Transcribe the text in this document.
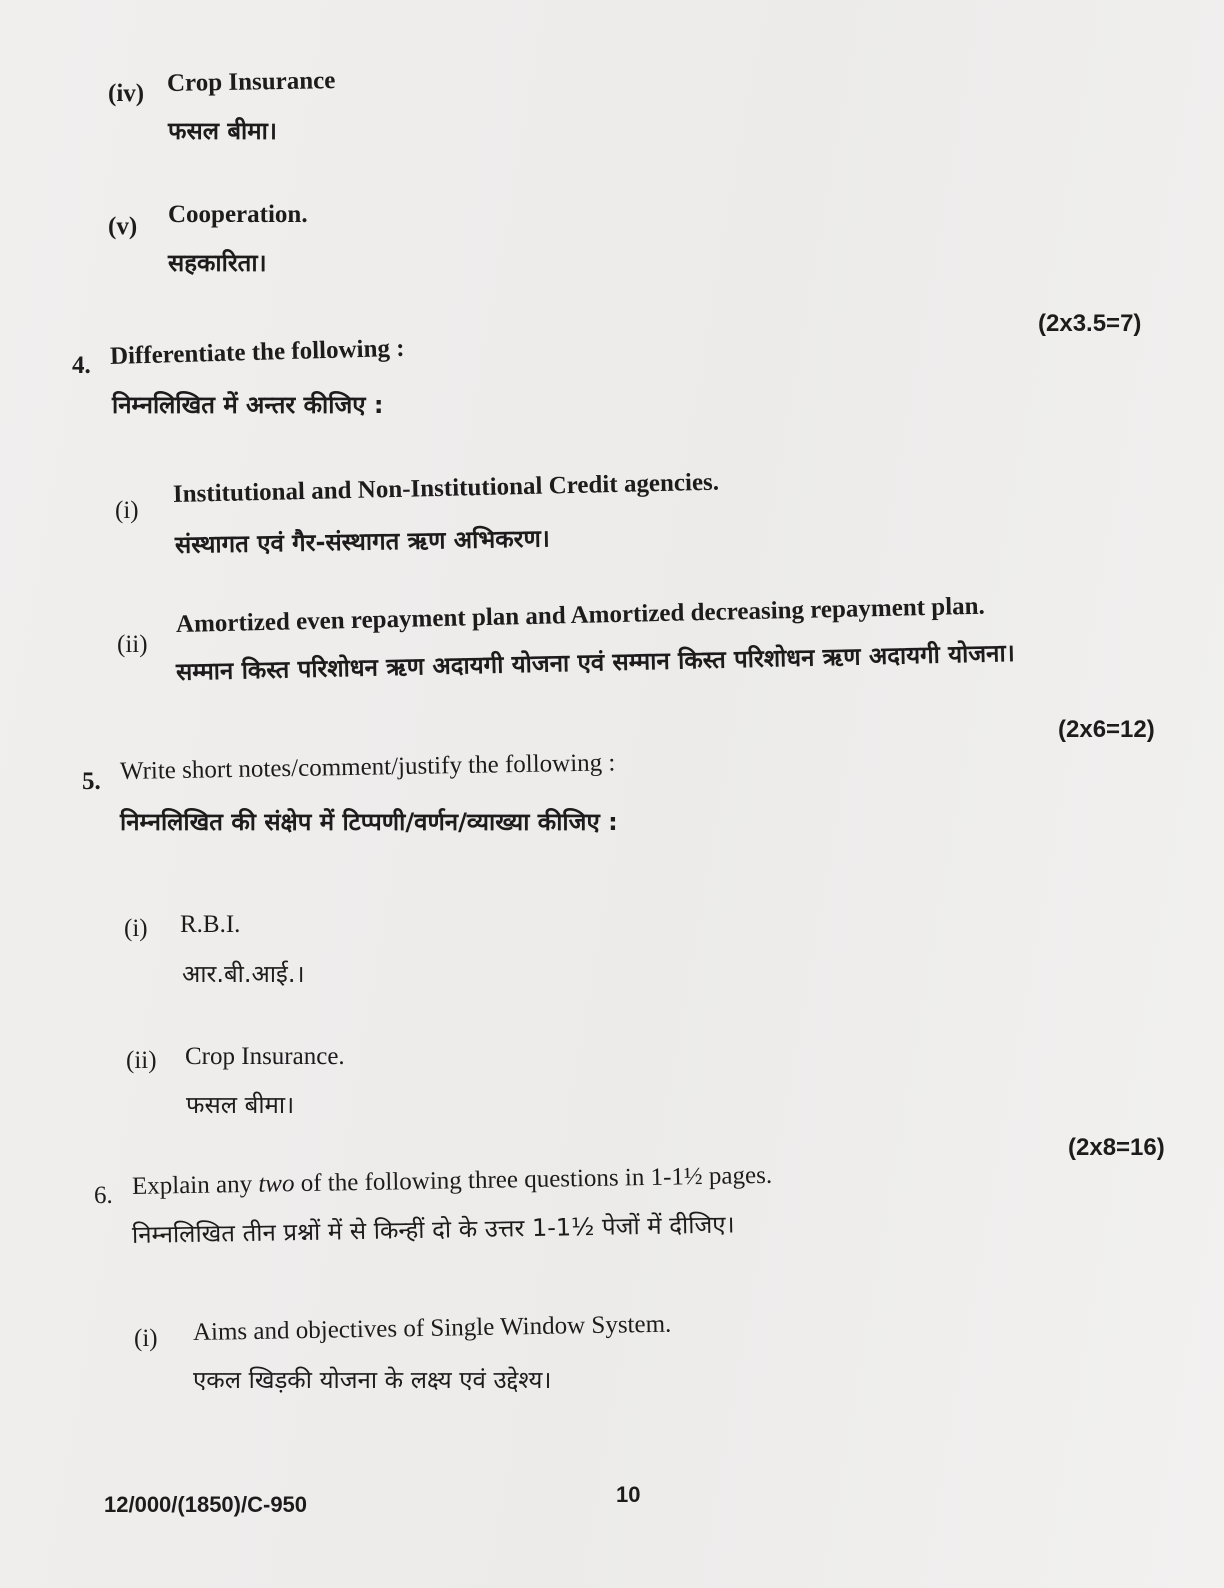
(iv) Crop Insurance
फसल बीमा।
(v) Cooperation.
सहकारिता।
(2x3.5=7)
4. Differentiate the following :
निम्नलिखित में अन्तर कीजिए :
(i)
Institutional and Non-Institutional Credit agencies.
संस्थागत एवं गैर-संस्थागत ऋण अभिकरण।
(ii)
Amortized even repayment plan and Amortized decreasing repayment plan.
सम्मान किस्त परिशोधन ऋण अदायगी योजना एवं सम्मान किस्त परिशोधन ऋण अदायगी योजना।
(2x6=12)
5. Write short notes/comment/justify the following :
निम्नलिखित की संक्षेप में टिप्पणी/वर्णन/व्याख्या कीजिए :
(i) R.B.I.
आर.बी.आई.।
(ii) Crop Insurance.
फसल बीमा।
(2x8=16)
6. Explain any two of the following three questions in 1-1½ pages.
निम्नलिखित तीन प्रश्नों में से किन्हीं दो के उत्तर 1-1½ पेजों में दीजिए।
(i) Aims and objectives of Single Window System.
एकल खिड़की योजना के लक्ष्य एवं उद्देश्य।
12/000/(1850)/C-950	10
